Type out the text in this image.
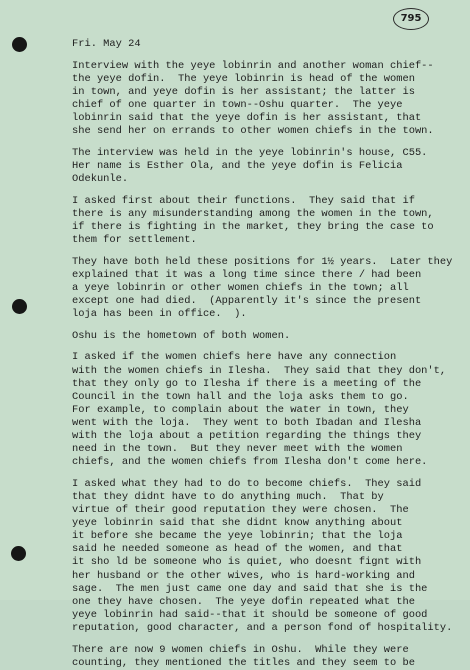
795
Fri. May 24
Interview with the yeye lobinrin and another woman chief--
the yeye dofin.  The yeye lobinrin is head of the women
in town, and yeye dofin is her assistant; the latter is
chief of one quarter in town--Oshu quarter.  The yeye
lobinrin said that the yeye dofin is her assistant, that
she send her on errands to other women chiefs in the town.
The interview was held in the yeye lobinrin's house, C55.
Her name is Esther Ola, and the yeye dofin is Felicia
Odekunle.
I asked first about their functions.  They said that if
there is any misunderstanding among the women in the town,
if there is fighting in the market, they bring the case to
them for settlement.
They have both held these positions for 1½ years.  Later they
explained that it was a long time since there / had been
a yeye lobinrin or other women chiefs in the town; all
except one had died.  (Apparently it's since the present
loja has been in office.  ).
Oshu is the hometown of both women.
I asked if the women chiefs here have any connection
with the women chiefs in Ilesha.  They said that they don't,
that they only go to Ilesha if there is a meeting of the
Council in the town hall and the loja asks them to go.
For example, to complain about the water in town, they
went with the loja.  They went to both Ibadan and Ilesha
with the loja about a petition regarding the things they
need in the town.  But they never meet with the women
chiefs, and the women chiefs from Ilesha don't come here.
I asked what they had to do to become chiefs.  They said
that they didnt have to do anything much.  That by
virtue of their good reputation they were chosen.  The
yeye lobinrin said that she didnt know anything about
it before she became the yeye lobinrin; that the loja
said he needed someone as head of the women, and that
it sho ld be someone who is quiet, who doesnt fignt with
her husband or the other wives, who is hard-working and
sage.  The men just came one day and said that she is the
one they have chosen.  The yeye dofin repeated what the
yeye lobinrin had said--that it should be someone of good
reputation, good character, and a person fond of hospitality.
There are now 9 women chiefs in Oshu.  While they were
counting, they mentioned the titles and they seem to be
